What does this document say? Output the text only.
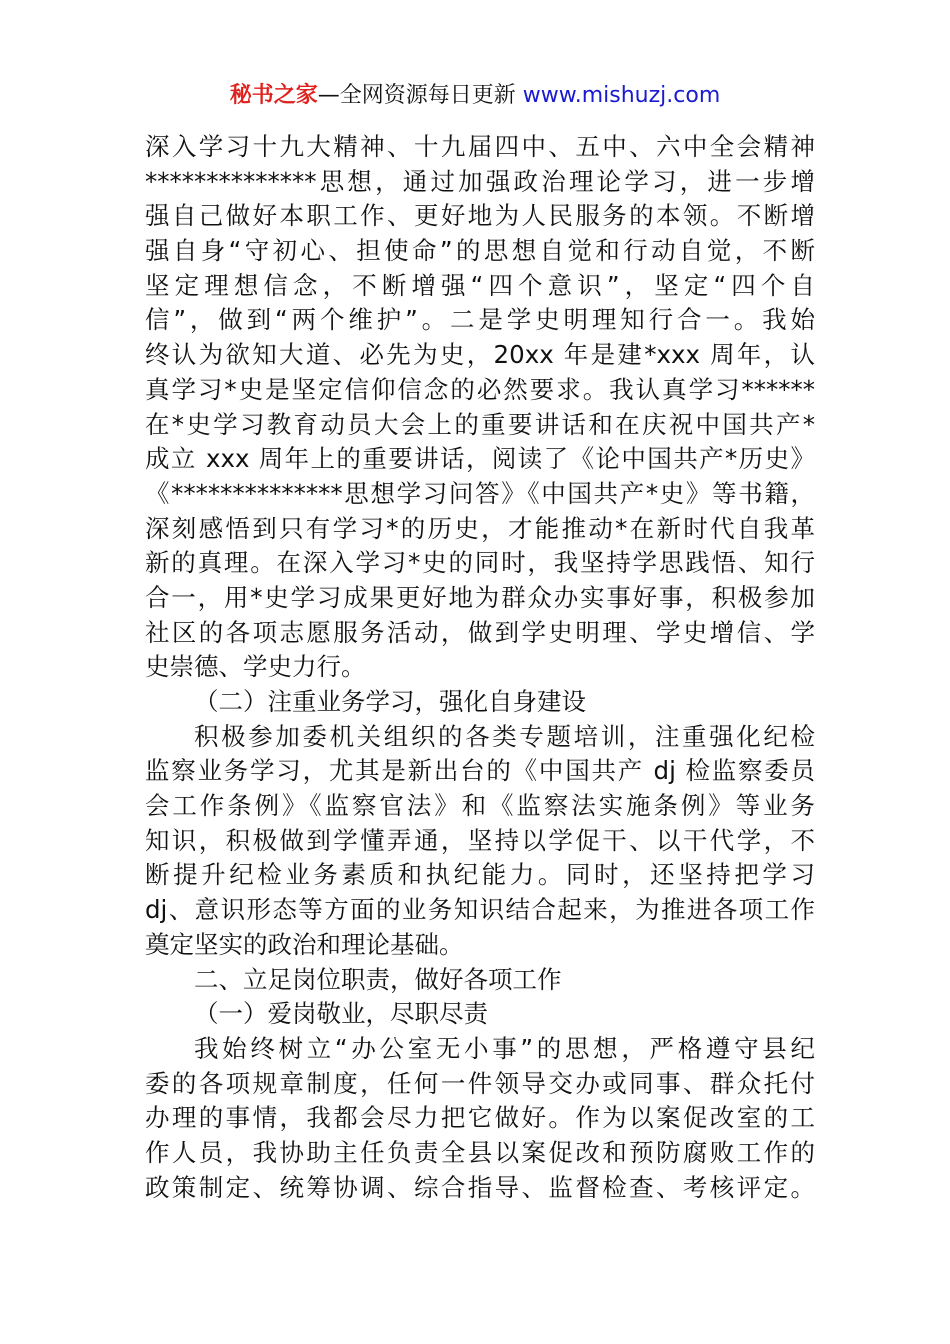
秘书之家—全网资源每日更新 www.mishuzj.com
深入学习十九大精神、十九届四中、五中、六中全会精神
**************思想，通过加强政治理论学习，进一步增
强自己做好本职工作、更好地为人民服务的本领。不断增
强自身“守初心、担使命”的思想自觉和行动自觉，不断
坚定理想信念，不断增强“四个意识”，坚定“四个自
信”，做到“两个维护”。二是学史明理知行合一。我始
终认为欲知大道、必先为史，20xx 年是建*xxx 周年，认
真学习*史是坚定信仰信念的必然要求。我认真学习******
在*史学习教育动员大会上的重要讲话和在庆祝中国共产*
成立 xxx 周年上的重要讲话，阅读了《论中国共产*历史》
《**************思想学习问答》《中国共产*史》等书籍，
深刻感悟到只有学习*的历史，才能推动*在新时代自我革
新的真理。在深入学习*史的同时，我坚持学思践悟、知行
合一，用*史学习成果更好地为群众办实事好事，积极参加
社区的各项志愿服务活动，做到学史明理、学史增信、学
史崇德、学史力行。
（二）注重业务学习，强化自身建设
积极参加委机关组织的各类专题培训，注重强化纪检
监察业务学习，尤其是新出台的《中国共产 dj 检监察委员
会工作条例》《监察官法》和《监察法实施条例》等业务
知识，积极做到学懂弄通，坚持以学促干、以干代学，不
断提升纪检业务素质和执纪能力。同时，还坚持把学习
dj、意识形态等方面的业务知识结合起来，为推进各项工作
奠定坚实的政治和理论基础。
二、立足岗位职责，做好各项工作
（一）爱岗敬业，尽职尽责
我始终树立“办公室无小事”的思想，严格遵守县纪
委的各项规章制度，任何一件领导交办或同事、群众托付
办理的事情，我都会尽力把它做好。作为以案促改室的工
作人员，我协助主任负责全县以案促改和预防腐败工作的
政策制定、统筹协调、综合指导、监督检查、考核评定。
